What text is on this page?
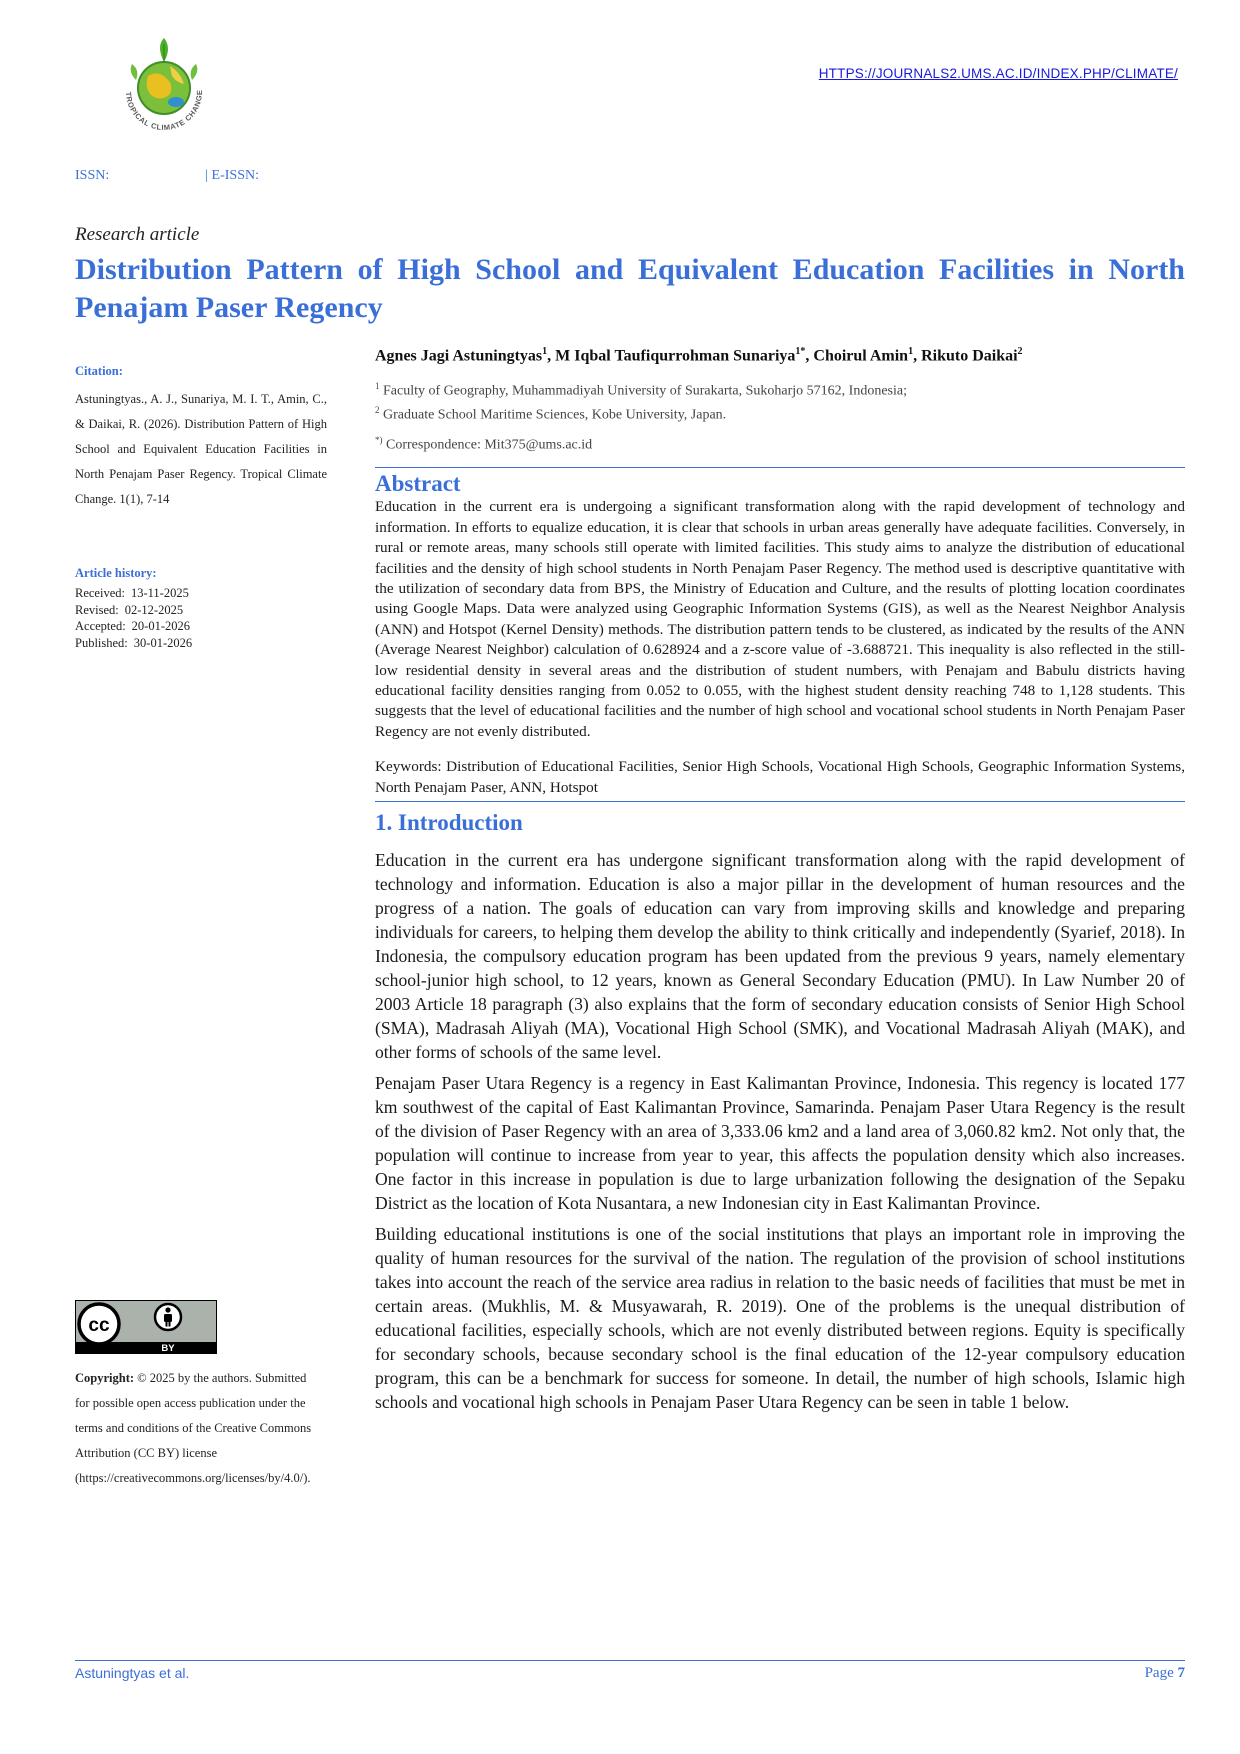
TROPICAL CLIMATE CHANGE
HTTPS://JOURNALS2.UMS.AC.ID/INDEX.PHP/CLIMATE/
ISSN:	| E-ISSN:
Research article
Distribution Pattern of High School and Equivalent Education Facilities in North Penajam Paser Regency

Citation:

Astuningtyas., A. J., Sunariya, M. I. T., Amin, C., & Daikai, R. (2026). Distribution Pattern of High School and Equivalent Education Facilities in North Penajam Paser Regency. Tropical Climate Change. 1(1), 7-14

Article history:

Received: 13-11-2025
Revised: 02-12-2025
Accepted: 20-01-2026
Published: 30-01-2026
cc
BY
Copyright: © 2025 by the authors. Submitted for possible open access publication under the terms and conditions of the Creative Commons Attribution (CC BY) license (https://creativecommons.org/licenses/by/4.0/).

Agnes Jagi Astuningtyas$^1$, M Iqbal Taufiqurrohman Sunariya$^{1*}$, Choirul Amin$^1$, Rikuto Daikai$^2$

$^1$ Faculty of Geography, Muhammadiyah University of Surakarta, Sukoharjo 57162, Indonesia;
$^2$ Graduate School Maritime Sciences, Kobe University, Japan.
*) Correspondence: Mit375@ums.ac.id
Abstract

Education in the current era is undergoing a significant transformation along with the rapid development of technology and information. In efforts to equalize education, it is clear that schools in urban areas generally have adequate facilities. Conversely, in rural or remote areas, many schools still operate with limited facilities. This study aims to analyze the distribution of educational facilities and the density of high school students in North Penajam Paser Regency. The method used is descriptive quantitative with the utilization of secondary data from BPS, the Ministry of Education and Culture, and the results of plotting location coordinates using Google Maps. Data were analyzed using Geographic Information Systems (GIS), as well as the Nearest Neighbor Analysis (ANN) and Hotspot (Kernel Density) methods. The distribution pattern tends to be clustered, as indicated by the results of the ANN (Average Nearest Neighbor) calculation of 0.628924 and a z-score value of -3.688721. This inequality is also reflected in the still-low residential density in several areas and the distribution of student numbers, with Penajam and Babulu districts having educational facility densities ranging from 0.052 to 0.055, with the highest student density reaching 748 to 1,128 students. This suggests that the level of educational facilities and the number of high school and vocational school students in North Penajam Paser Regency are not evenly distributed.

Keywords: Distribution of Educational Facilities, Senior High Schools, Vocational High Schools, Geographic Information Systems, North Penajam Paser, ANN, Hotspot

1. Introduction

Education in the current era has undergone significant transformation along with the rapid development of technology and information. Education is also a major pillar in the development of human resources and the progress of a nation. The goals of education can vary from improving skills and knowledge and preparing individuals for careers, to helping them develop the ability to think critically and independently (Syarief, 2018). In Indonesia, the compulsory education program has been updated from the previous 9 years, namely elementary school-junior high school, to 12 years, known as General Secondary Education (PMU). In Law Number 20 of 2003 Article 18 paragraph (3) also explains that the form of secondary education consists of Senior High School (SMA), Madrasah Aliyah (MA), Vocational High School (SMK), and Vocational Madrasah Aliyah (MAK), and other forms of schools of the same level.

Penajam Paser Utara Regency is a regency in East Kalimantan Province, Indonesia. This regency is located 177 km southwest of the capital of East Kalimantan Province, Samarinda. Penajam Paser Utara Regency is the result of the division of Paser Regency with an area of 3,333.06 km2 and a land area of 3,060.82 km2. Not only that, the population will continue to increase from year to year, this affects the population density which also increases. One factor in this increase in population is due to large urbanization following the designation of the Sepaku District as the location of Kota Nusantara, a new Indonesian city in East Kalimantan Province.

Building educational institutions is one of the social institutions that plays an important role in improving the quality of human resources for the survival of the nation. The regulation of the provision of school institutions takes into account the reach of the service area radius in relation to the basic needs of facilities that must be met in certain areas. (Mukhlis, M. & Musyawarah, R. 2019). One of the problems is the unequal distribution of educational facilities, especially schools, which are not evenly distributed between regions. Equity is specifically for secondary schools, because secondary school is the final education of the 12-year compulsory education program, this can be a benchmark for success for someone. In detail, the number of high schools, Islamic high schools and vocational high schools in Penajam Paser Utara Regency can be seen in table 1 below.

Astuningtyas et al.	Page 7
